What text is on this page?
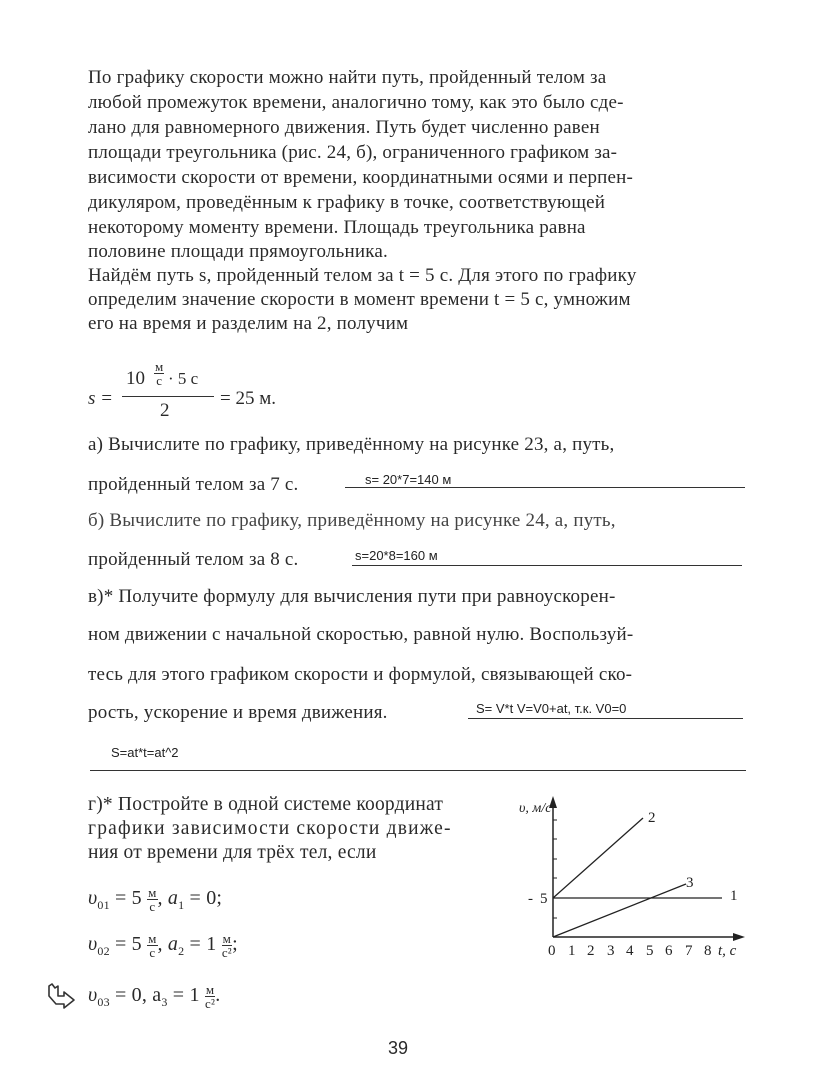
По графику скорости можно найти путь, пройденный телом за
любой промежуток времени, аналогично тому, как это было сде-
лано для равномерного движения. Путь будет численно равен
площади треугольника (рис. 24, б), ограниченного графиком за-
висимости скорости от времени, координатными осями и перпен-
дикуляром, проведённым к графику в точке, соответствующей
некоторому моменту времени. Площадь треугольника равна
половине площади прямоугольника.
Найдём путь s, пройденный телом за t = 5 с. Для этого по графику
определим значение скорости в момент времени t = 5 с, умножим
его на время и разделим на 2, получим
s =
10
м
с · 5 с
2
= 25 м.
а) Вычислите по графику, приведённому на рисунке 23, а, путь,
пройденный телом за 7 с.	s= 20*7=140 м
б) Вычислите по графику, приведённому на рисунке 24, а, путь,
пройденный телом за 8 с.	s=20*8=160 м
в)* Получите формулу для вычисления пути при равноускорен-
ном движении с начальной скоростью, равной нулю. Воспользуй-
тесь для этого графиком скорости и формулой, связывающей ско-
рость, ускорение и время движения.	S= V*t V=V0+at, т.к. V0=0
S=at*t=at^2
г)* Постройте в одной системе координат
графики зависимости скорости движе-
ния от времени для трёх тел, если
$\upsilon_{01} = 5 \frac{м}{с}$ , $a_1 = 0$;
$\upsilon_{02} = 5 \frac{м}{с}$ , $a_2 = 1 \frac{м}{\text{с²}}$ ;
$\upsilon_{03} = 0$, $a_3 = 1 \frac{м}{\text{с²}}$ .
2
3
1
- 5
υ, м/с
0 1 2 3 4 5 6 7 8 t, с
39
